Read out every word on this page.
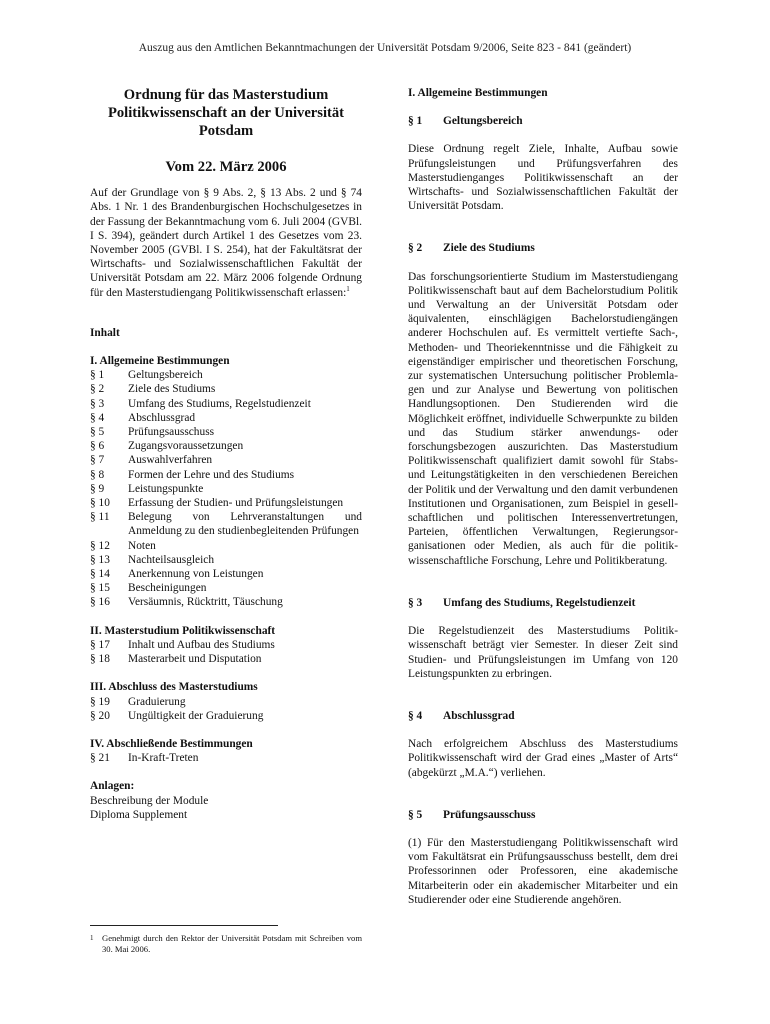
Auszug aus den Amtlichen Bekanntmachungen der Universität Potsdam 9/2006, Seite 823 - 841 (geändert)

Ordnung für das Masterstudium

Politikwissenschaft an der Universität

Potsdam

Vom 22. März 2006

Auf der Grundlage von § 9 Abs. 2, § 13 Abs. 2 und § 74 Abs. 1 Nr. 1 des Brandenburgischen Hochschulgesetzes in der Fassung der Bekanntmachung vom 6. Juli 2004 (GVBl. I S. 394), geändert durch Artikel 1 des Gesetzes vom 23. November 2005 (GVBl. I S. 254), hat der Fakultätsrat der Wirtschafts- und Sozialwissenschaftlichen Fakultät der Universität Potsdam am 22. März 2006 folgende Ordnung für den Masterstudiengang Politikwissenschaft erlassen:$^1$

Inhalt

I. Allgemeine Bestimmungen

§ 1	Geltungsbereich
§ 2	Ziele des Studiums
§ 3	Umfang des Studiums, Regelstudienzeit
§ 4	Abschlussgrad
§ 5	Prüfungsausschuss
§ 6	Zugangsvoraussetzungen
§ 7	Auswahlverfahren
§ 8	Formen der Lehre und des Studiums
§ 9	Leistungspunkte
§ 10	Erfassung der Studien- und Prüfungsleistungen
§ 11	Belegung von Lehrveranstaltungen und Anmeldung zu den studienbegleitenden Prüfungen
§ 12	Noten
§ 13	Nachteilsausgleich
§ 14	Anerkennung von Leistungen
§ 15	Bescheinigungen
§ 16	Versäumnis, Rücktritt, Täuschung

II. Masterstudium Politikwissenschaft

§ 17	Inhalt und Aufbau des Studiums
§ 18	Masterarbeit und Disputation

III. Abschluss des Masterstudiums

§ 19	Graduierung
§ 20	Ungültigkeit der Graduierung

IV. Abschließende Bestimmungen

§ 21	In-Kraft-Treten

Anlagen:

Beschreibung der Module
Diploma Supplement
1 Genehmigt durch den Rektor der Universität Potsdam mit Schreiben vom 30. Mai 2006.

I. Allgemeine Bestimmungen

§ 1	Geltungsbereich

Diese Ordnung regelt Ziele, Inhalte, Aufbau sowie Prüfungsleistungen und Prüfungsverfahren des Masterstudienganges Politikwissenschaft an der Wirtschafts- und Sozialwissenschaftlichen Fakultät der Universität Potsdam.

§ 2	Ziele des Studiums

Das forschungsorientierte Studium im Masterstudiengang Politikwissenschaft baut auf dem Bachelorstudium Politik und Verwaltung an der Universität Potsdam oder äquivalenten, einschlägigen Bachelorstudiengängen anderer Hochschulen auf. Es vermittelt vertiefte Sach-, Methoden- und Theoriekenntnisse und die Fähigkeit zu eigenständiger empirischer und theoretischen Forschung, zur systematischen Untersuchung politischer Problemlagen und zur Analyse und Bewertung von politischen Handlungsoptionen. Den Studierenden wird die Möglichkeit eröffnet, individuelle Schwerpunkte zu bilden und das Studium stärker anwendungs- oder forschungsbezogen auszurichten. Das Masterstudium Politikwissenschaft qualifiziert damit sowohl für Stabs- und Leitungstätigkeiten in den verschiedenen Bereichen der Politik und der Verwaltung und den damit verbundenen Institutionen und Organisationen, zum Beispiel in gesellschaftlichen und politischen Interessenvertretungen, Parteien, öffentlichen Verwaltungen, Regierungsorganisationen oder Medien, als auch für die politikwissenschaftliche Forschung, Lehre und Politikberatung.

§ 3	Umfang des Studiums, Regelstudienzeit

Die Regelstudienzeit des Masterstudiums Politikwissenschaft beträgt vier Semester. In dieser Zeit sind Studien- und Prüfungsleistungen im Umfang von 120 Leistungspunkten zu erbringen.

§ 4	Abschlussgrad

Nach erfolgreichem Abschluss des Masterstudiums Politikwissenschaft wird der Grad eines „Master of Arts“ (abgekürzt „M.A.“) verliehen.

§ 5	Prüfungsausschuss

(1) Für den Masterstudiengang Politikwissenschaft wird vom Fakultätsrat ein Prüfungsausschuss bestellt, dem drei Professorinnen oder Professoren, eine akademische Mitarbeiterin oder ein akademischer Mitarbeiter und ein Studierender oder eine Studierende angehören.
